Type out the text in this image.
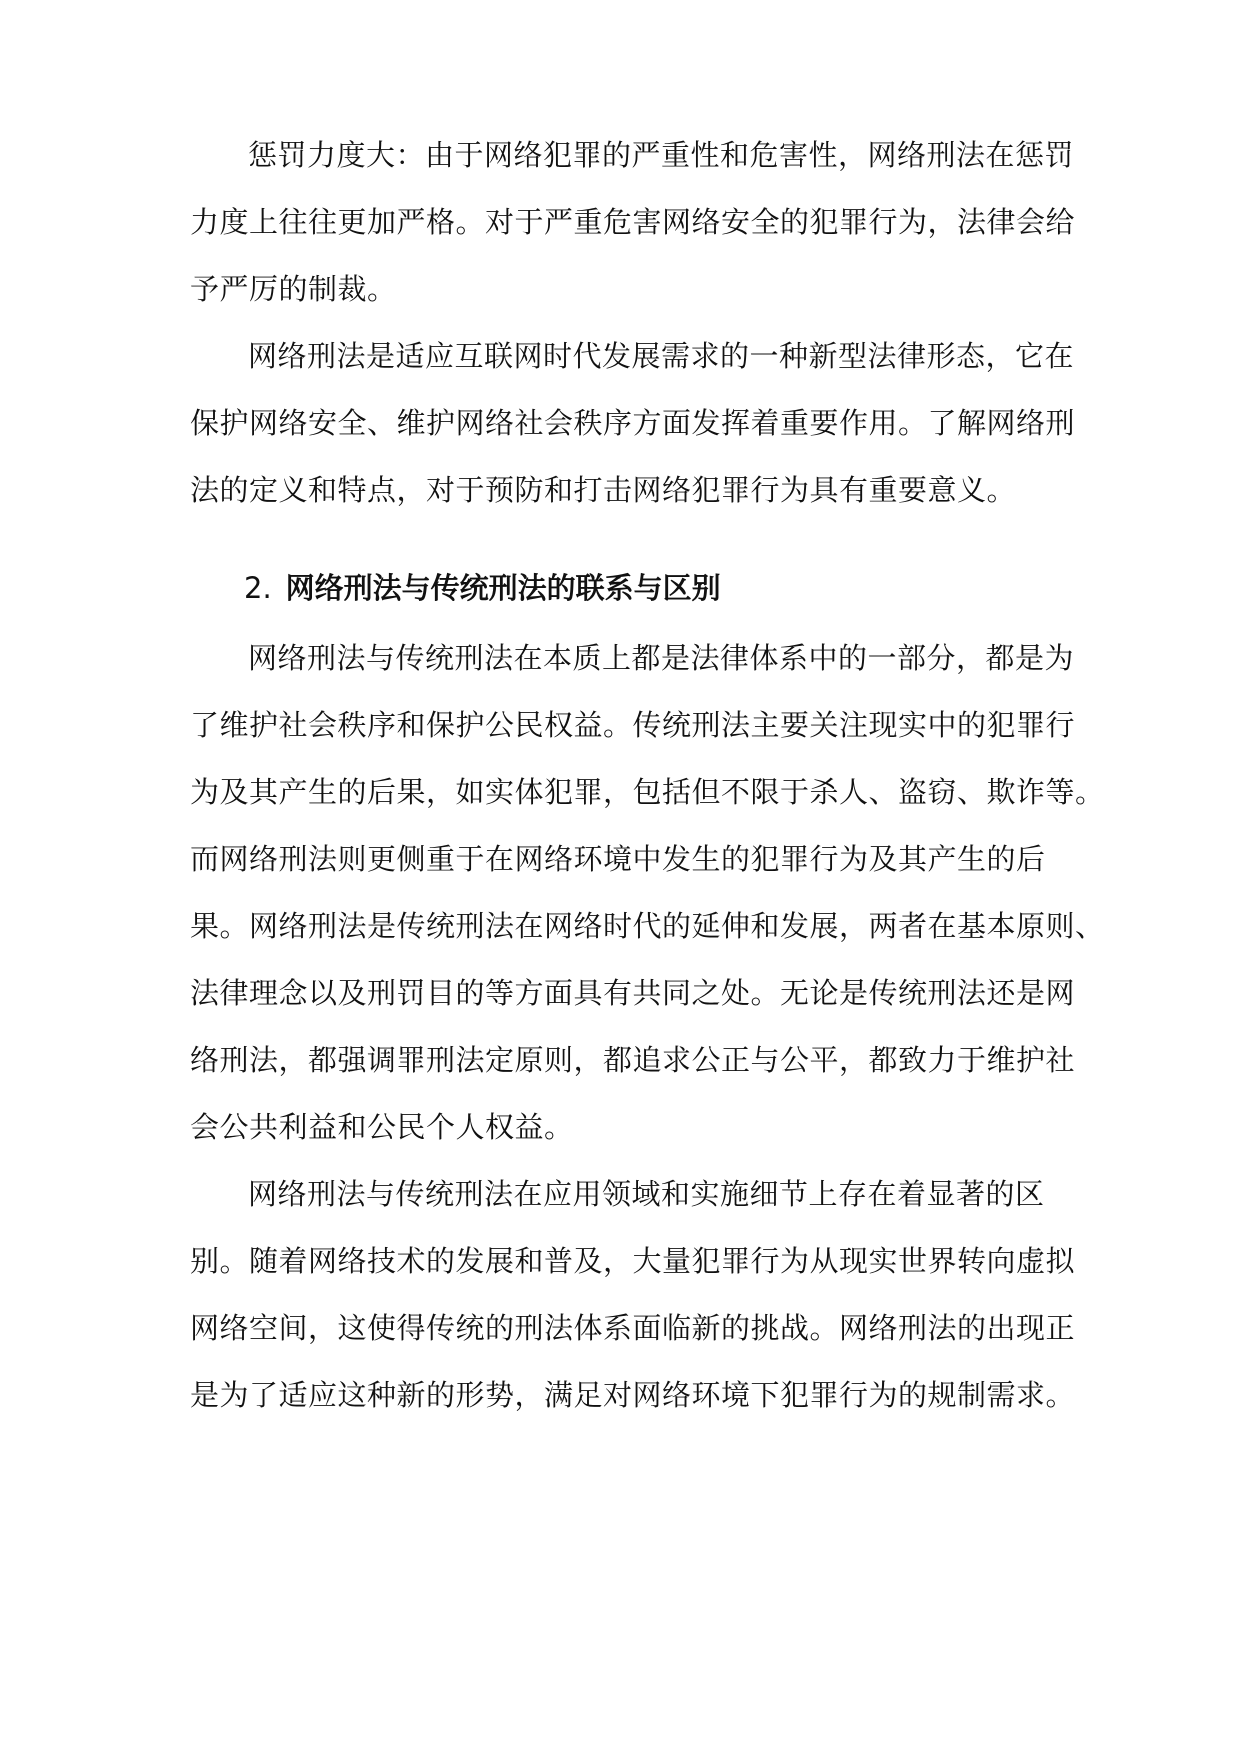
惩罚力度大：由于网络犯罪的严重性和危害性，网络刑法在惩罚
力度上往往更加严格。对于严重危害网络安全的犯罪行为，法律会给
予严厉的制裁。
网络刑法是适应互联网时代发展需求的一种新型法律形态，它在
保护网络安全、维护网络社会秩序方面发挥着重要作用。了解网络刑
法的定义和特点，对于预防和打击网络犯罪行为具有重要意义。
2. 网络刑法与传统刑法的联系与区别
网络刑法与传统刑法在本质上都是法律体系中的一部分，都是为
了维护社会秩序和保护公民权益。传统刑法主要关注现实中的犯罪行
为及其产生的后果，如实体犯罪，包括但不限于杀人、盗窃、欺诈等。
而网络刑法则更侧重于在网络环境中发生的犯罪行为及其产生的后
果。网络刑法是传统刑法在网络时代的延伸和发展，两者在基本原则、
法律理念以及刑罚目的等方面具有共同之处。无论是传统刑法还是网
络刑法，都强调罪刑法定原则，都追求公正与公平，都致力于维护社
会公共利益和公民个人权益。
网络刑法与传统刑法在应用领域和实施细节上存在着显著的区
别。随着网络技术的发展和普及，大量犯罪行为从现实世界转向虚拟
网络空间，这使得传统的刑法体系面临新的挑战。网络刑法的出现正
是为了适应这种新的形势，满足对网络环境下犯罪行为的规制需求。
